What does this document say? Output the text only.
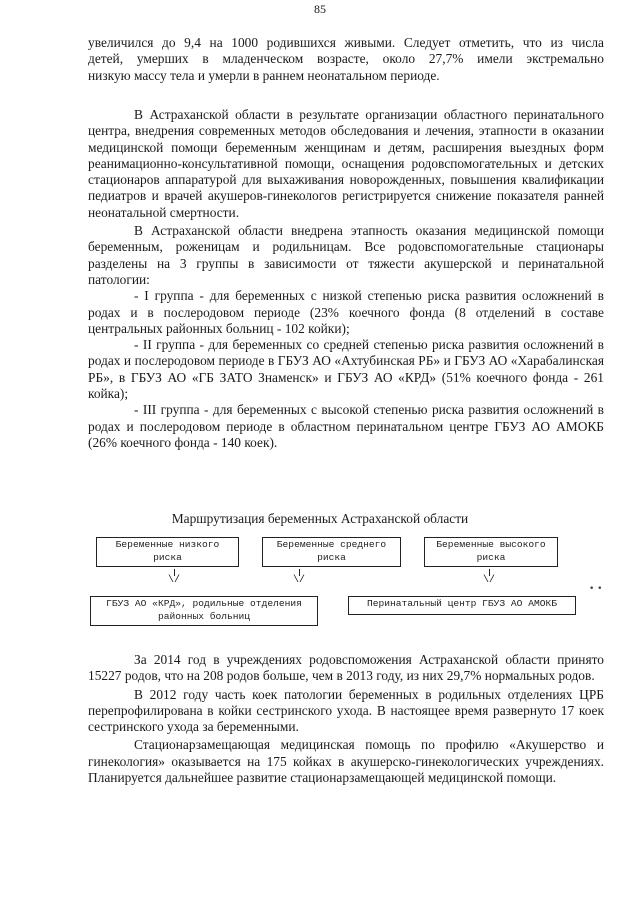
85

увеличился до 9,4 на 1000 родившихся живыми. Следует отметить, что из числа

детей, умерших в младенческом возрасте, около 27,7% имели экстремально

низкую массу тела и умерли в раннем неонатальном периоде.

В Астраханской области в результате организации областного перинатального центра, внедрения современных методов обследования и лечения, этапности в оказании медицинской помощи беременным женщинам и детям, расширения выездных форм реанимационно-консультативной помощи, оснащения родовспомогательных и детских стационаров аппаратурой для выхаживания новорожденных, повышения квалификации педиатров и врачей акушеров-гинекологов регистрируется снижение показателя ранней неонатальной смертности.

В Астраханской области внедрена этапность оказания медицинской помощи беременным, роженицам и родильницам. Все родовспомогательные стационары разделены на 3 группы в зависимости от тяжести акушерской и перинатальной патологии:

- I группа - для беременных с низкой степенью риска развития осложнений в родах и в послеродовом периоде (23% коечного фонда (8 отделений в составе центральных районных больниц - 102 койки);

- II группа - для беременных со средней степенью риска развития осложнений в родах и послеродовом периоде в ГБУЗ АО «Ахтубинская РБ» и ГБУЗ АО «Харабалинская РБ», в ГБУЗ АО «ГБ ЗАТО Знаменск» и ГБУЗ АО «КРД» (51% коечного фонда - 261 койка);

- III группа - для беременных с высокой степенью риска развития осложнений в родах и послеродовом периоде в областном перинатальном центре ГБУЗ АО АМОКБ (26% коечного фонда - 140 коек).

Маршрутизация беременных Астраханской области
Беременные низкого
риска
Беременные среднего
риска
Беременные высокого
риска
\/	\/	\/
ГБУЗ АО «КРД», родильные отделения
районных больниц
Перинатальный центр ГБУЗ АО АМОКБ
• •

За 2014 год в учреждениях родовспоможения Астраханской области принято 15227 родов, что на 208 родов больше, чем в 2013 году, из них 29,7% нормальных родов.

В 2012 году часть коек патологии беременных в родильных отделениях ЦРБ перепрофилирована в койки сестринского ухода. В настоящее время развернуто 17 коек сестринского ухода за беременными.

Стационарзамещающая медицинская помощь по профилю «Акушерство и гинекология» оказывается на 175 койках в акушерско-гинекологических учреждениях. Планируется дальнейшее развитие стационарзамещающей медицинской помощи.
